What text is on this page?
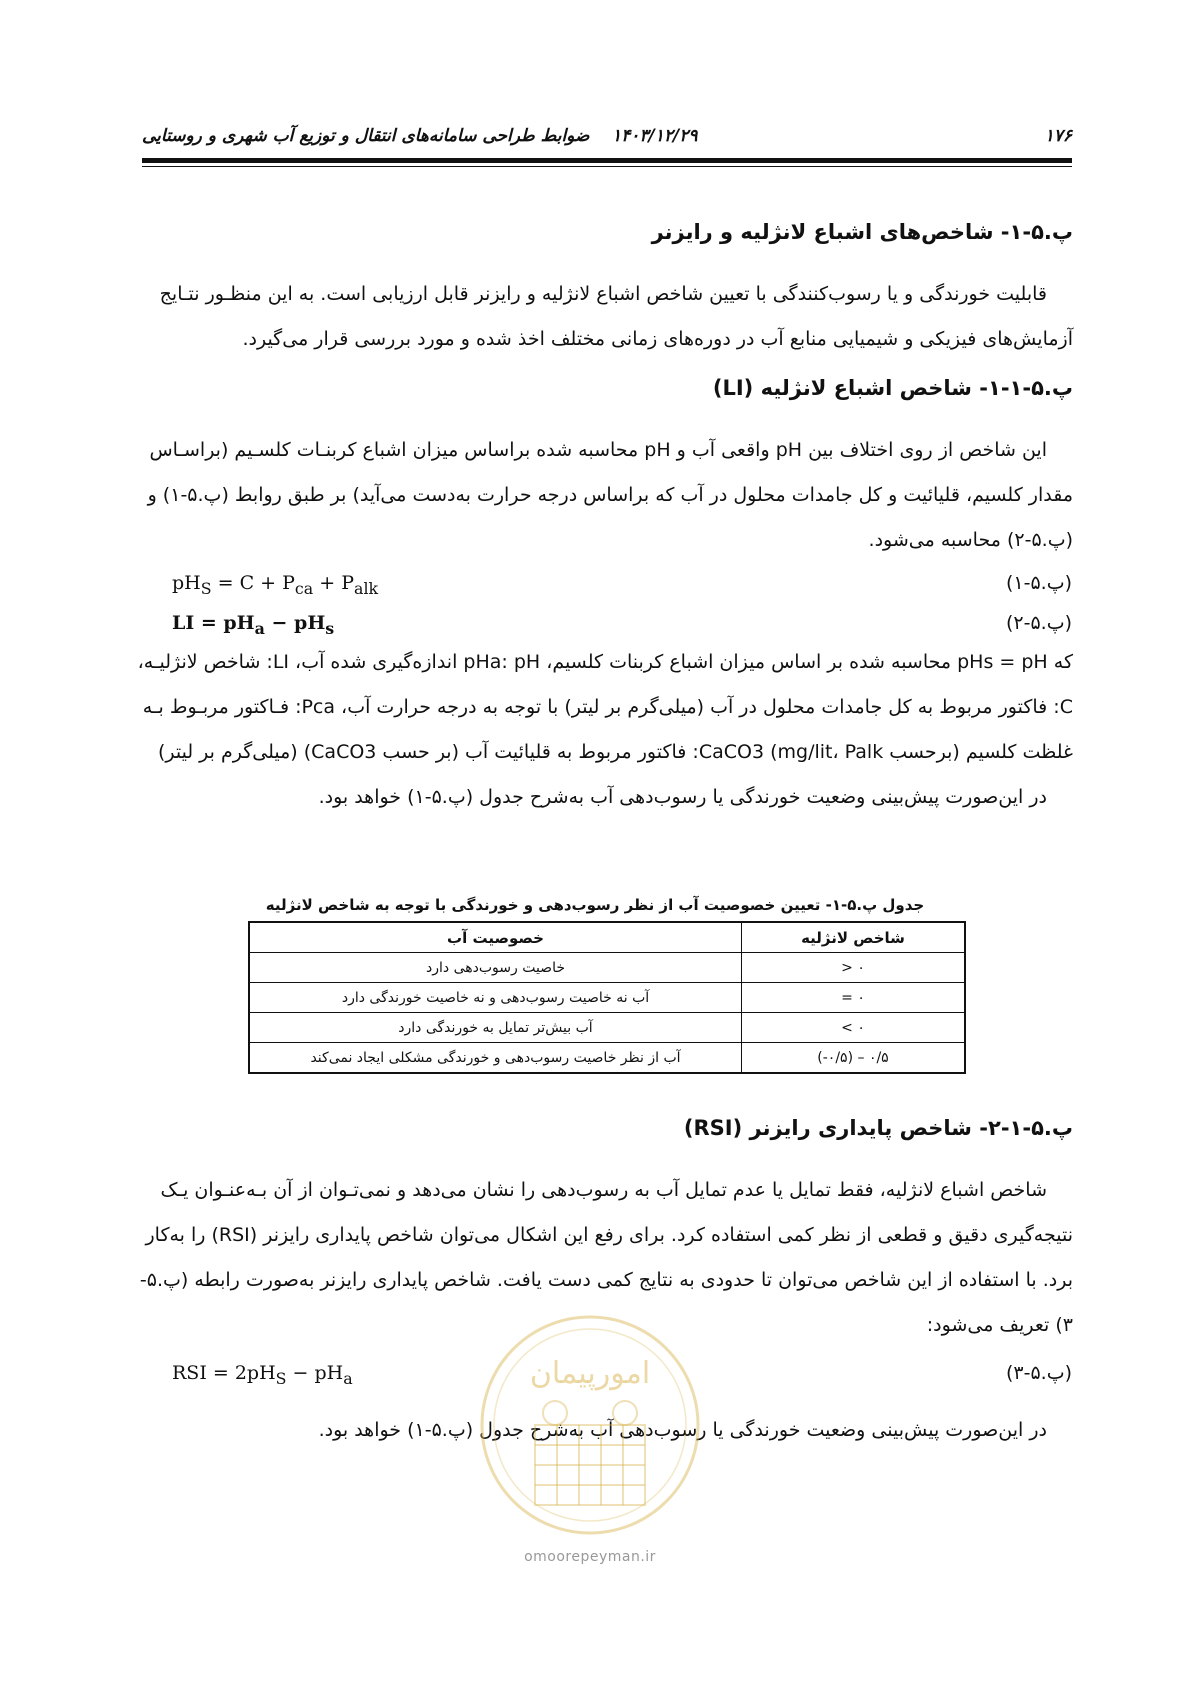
۱۷۶
۱۴۰۳/۱۲/۲۹
ضوابط طراحی سامانه‌های انتقال و توزیع آب شهری و روستایی
پ.۵-۱- شاخص‌های اشباع لانژلیه و رایزنر
قابلیت خورندگی و یا رسوب‌کنندگی با تعیین شاخص اشباع لانژلیه و رایزنر قابل ارزیابی است. به این منظـور نتـایج
آزمایش‌های فیزیکی و شیمیایی منابع آب در دوره‌های زمانی مختلف اخذ شده و مورد بررسی قرار می‌گیرد.
پ.۵-۱-۱- شاخص اشباع لانژلیه (LI)
این شاخص از روی اختلاف بین pH واقعی آب و pH محاسبه شده براساس میزان اشباع کربنـات کلسـیم (براسـاس
مقدار کلسیم، قلیائیت و کل جامدات محلول در آب که براساس درجه حرارت به‌دست می‌آید) بر طبق روابط (پ.۵-۱) و
(پ.۵-۲) محاسبه می‌شود.
(پ.۵-۱)
$pH_S = C + P_{ca} + P_{alk}$
(پ.۵-۲)
LI = $pH_a - pH_s$
که pHs = pH محاسبه شده بر اساس میزان اشباع کربنات کلسیم، pHa: pH اندازه‌گیری شده آب، LI: شاخص لانژلیـه،
C: فاکتور مربوط به کل جامدات محلول در آب (میلی‌گرم بر لیتر) با توجه به درجه حرارت آب، Pca: فـاکتور مربـوط بـه
غلظت کلسیم (برحسب CaCO3 (mg/lit، Palk: فاکتور مربوط به قلیائیت آب (بر حسب CaCO3) (میلی‌گرم بر لیتر)
در این‌صورت پیش‌بینی وضعیت خورندگی یا رسوب‌دهی آب به‌شرح جدول (پ.۵-۱) خواهد بود.
جدول پ.۵-۱- تعیین خصوصیت آب از نظر رسوب‌دهی و خورندگی با توجه به شاخص لانژلیه
شاخص لانژلیه	خصوصیت آب
۰ <	خاصیت رسوب‌دهی دارد
۰ =	آب نه خاصیت رسوب‌دهی و نه خاصیت خورندگی دارد
۰ >	آب بیش‌تر تمایل به خورندگی دارد
۰/۵ – (۰/۵-)	آب از نظر خاصیت رسوب‌دهی و خورندگی مشکلی ایجاد نمی‌کند
پ.۵-۱-۲- شاخص پایداری رایزنر (RSI)
شاخص اشباع لانژلیه، فقط تمایل یا عدم تمایل آب به رسوب‌دهی را نشان می‌دهد و نمی‌تـوان از آن بـه‌عنـوان یـک
نتیجه‌گیری دقیق و قطعی از نظر کمی استفاده کرد. برای رفع این اشکال می‌توان شاخص پایداری رایزنر (RSI) را به‌کار
برد. با استفاده از این شاخص می‌توان تا حدودی به نتایج کمی دست یافت. شاخص پایداری رایزنر به‌صورت رابطه (پ.۵-
۳) تعریف می‌شود:
(پ.۵-۳)
RSI = $2pH_S - pH_a$
در این‌صورت پیش‌بینی وضعیت خورندگی یا رسوب‌دهی آب به‌شرح جدول (پ.۵-۱) خواهد بود.
امورپیمان
omoorepeyman.ir
